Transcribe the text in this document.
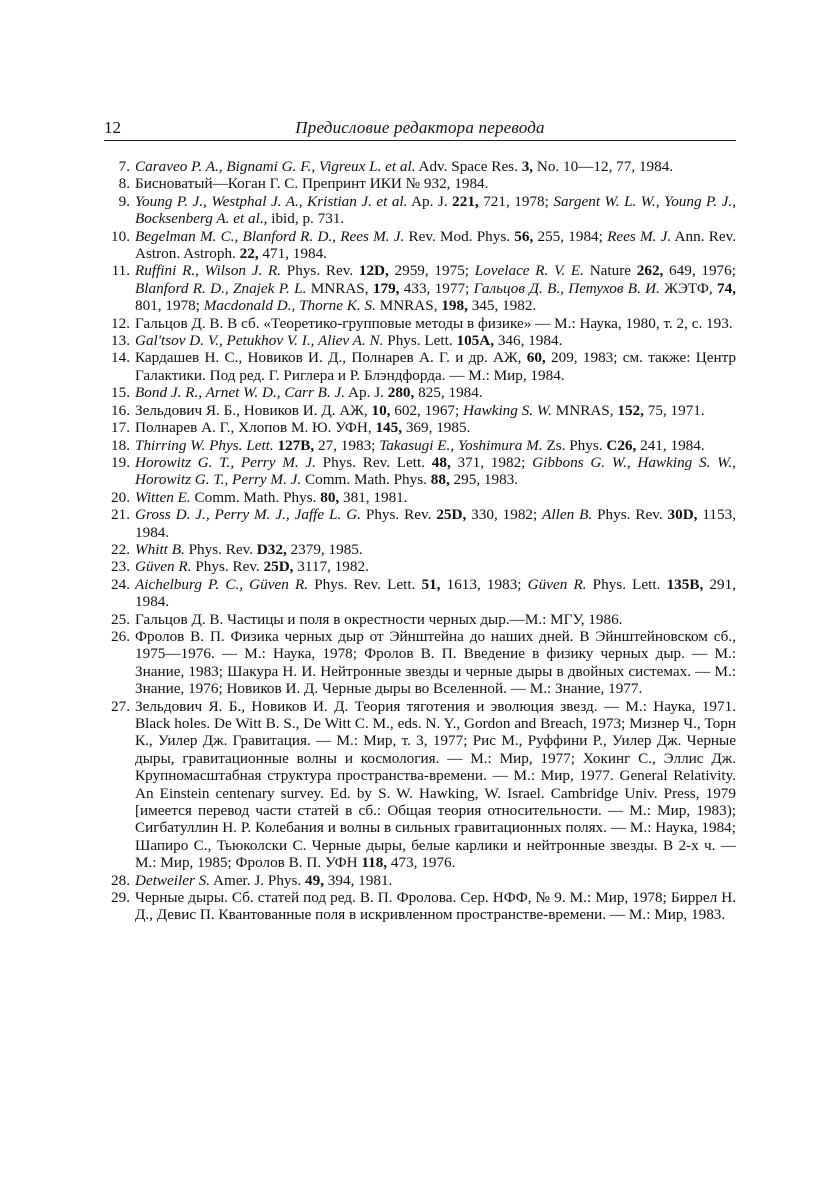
12	Предисловие редактора перевода
7. Caraveo P. A., Bignami G. F., Vigreux L. et al. Adv. Space Res. 3, No. 10—12, 77, 1984.
8. Бисноватый—Коган Г. С. Препринт ИКИ № 932, 1984.
9. Young P. J., Westphal J. A., Kristian J. et al. Ap. J. 221, 721, 1978; Sargent W. L. W., Young P. J., Bocksenberg A. et al., ibid, p. 731.
10. Begelman M. C., Blanford R. D., Rees M. J. Rev. Mod. Phys. 56, 255, 1984; Rees M. J. Ann. Rev. Astron. Astroph. 22, 471, 1984.
11. Ruffini R., Wilson J. R. Phys. Rev. 12D, 2959, 1975; Lovelace R. V. E. Nature 262, 649, 1976; Blanford R. D., Znajek P. L. MNRAS, 179, 433, 1977; Гальцов Д. В., Петухов В. И. ЖЭТФ, 74, 801, 1978; Macdonald D., Thorne K. S. MNRAS, 198, 345, 1982.
12. Гальцов Д. В. В сб. «Теоретико-групповые методы в физике» — М.: Наука, 1980, т. 2, с. 193.
13. Gal'tsov D. V., Petukhov V. I., Aliev A. N. Phys. Lett. 105A, 346, 1984.
14. Кардашев Н. С., Новиков И. Д., Полнарев А. Г. и др. АЖ, 60, 209, 1983; см. также: Центр Галактики. Под ред. Г. Риглера и Р. Блэндфорда. — М.: Мир, 1984.
15. Bond J. R., Arnet W. D., Carr B. J. Ap. J. 280, 825, 1984.
16. Зельдович Я. Б., Новиков И. Д. АЖ, 10, 602, 1967; Hawking S. W. MNRAS, 152, 75, 1971.
17. Полнарев А. Г., Хлопов М. Ю. УФН, 145, 369, 1985.
18. Thirring W. Phys. Lett. 127B, 27, 1983; Takasugi E., Yoshimura M. Zs. Phys. C26, 241, 1984.
19. Horowitz G. T., Perry M. J. Phys. Rev. Lett. 48, 371, 1982; Gibbons G. W., Hawking S. W., Horowitz G. T., Perry M. J. Comm. Math. Phys. 88, 295, 1983.
20. Witten E. Comm. Math. Phys. 80, 381, 1981.
21. Gross D. J., Perry M. J., Jaffe L. G. Phys. Rev. 25D, 330, 1982; Allen B. Phys. Rev. 30D, 1153, 1984.
22. Whitt B. Phys. Rev. D32, 2379, 1985.
23. Güven R. Phys. Rev. 25D, 3117, 1982.
24. Aichelburg P. C., Güven R. Phys. Rev. Lett. 51, 1613, 1983; Güven R. Phys. Lett. 135B, 291, 1984.
25. Гальцов Д. В. Частицы и поля в окрестности черных дыр.—М.: МГУ, 1986.
26. Фролов В. П. Физика черных дыр от Эйнштейна до наших дней. В Эйнштейновском сб., 1975—1976. — М.: Наука, 1978; Фролов В. П. Введение в физику черных дыр. — М.: Знание, 1983; Шакура Н. И. Нейтронные звезды и черные дыры в двойных системах. — М.: Знание, 1976; Новиков И. Д. Черные дыры во Вселенной. — М.: Знание, 1977.
27. Зельдович Я. Б., Новиков И. Д. Теория тяготения и эволюция звезд. — М.: Наука, 1971. Black holes. De Witt B. S., De Witt C. M., eds. N. Y., Gordon and Breach, 1973; Мизнер Ч., Торн К., Уилер Дж. Гравитация. — М.: Мир, т. 3, 1977; Рис М., Руффини Р., Уилер Дж. Черные дыры, гравитационные волны и космология. — М.: Мир, 1977; Хокинг С., Эллис Дж. Крупномасштабная структура пространства-времени. — М.: Мир, 1977. General Relativity. An Einstein centenary survey. Ed. by S. W. Hawking, W. Israel. Cambridge Univ. Press, 1979 [имеется перевод части статей в сб.: Общая теория относительности. — М.: Мир, 1983); Сигбатуллин Н. Р. Колебания и волны в сильных гравитационных полях. — М.: Наука, 1984; Шапиро С., Тьюколски С. Черные дыры, белые карлики и нейтронные звезды. В 2-х ч. — М.: Мир, 1985; Фролов В. П. УФН 118, 473, 1976.
28. Detweiler S. Amer. J. Phys. 49, 394, 1981.
29. Черные дыры. Сб. статей под ред. В. П. Фролова. Сер. НФФ, № 9. М.: Мир, 1978; Биррел Н. Д., Девис П. Квантованные поля в искривленном пространстве-времени. — М.: Мир, 1983.
